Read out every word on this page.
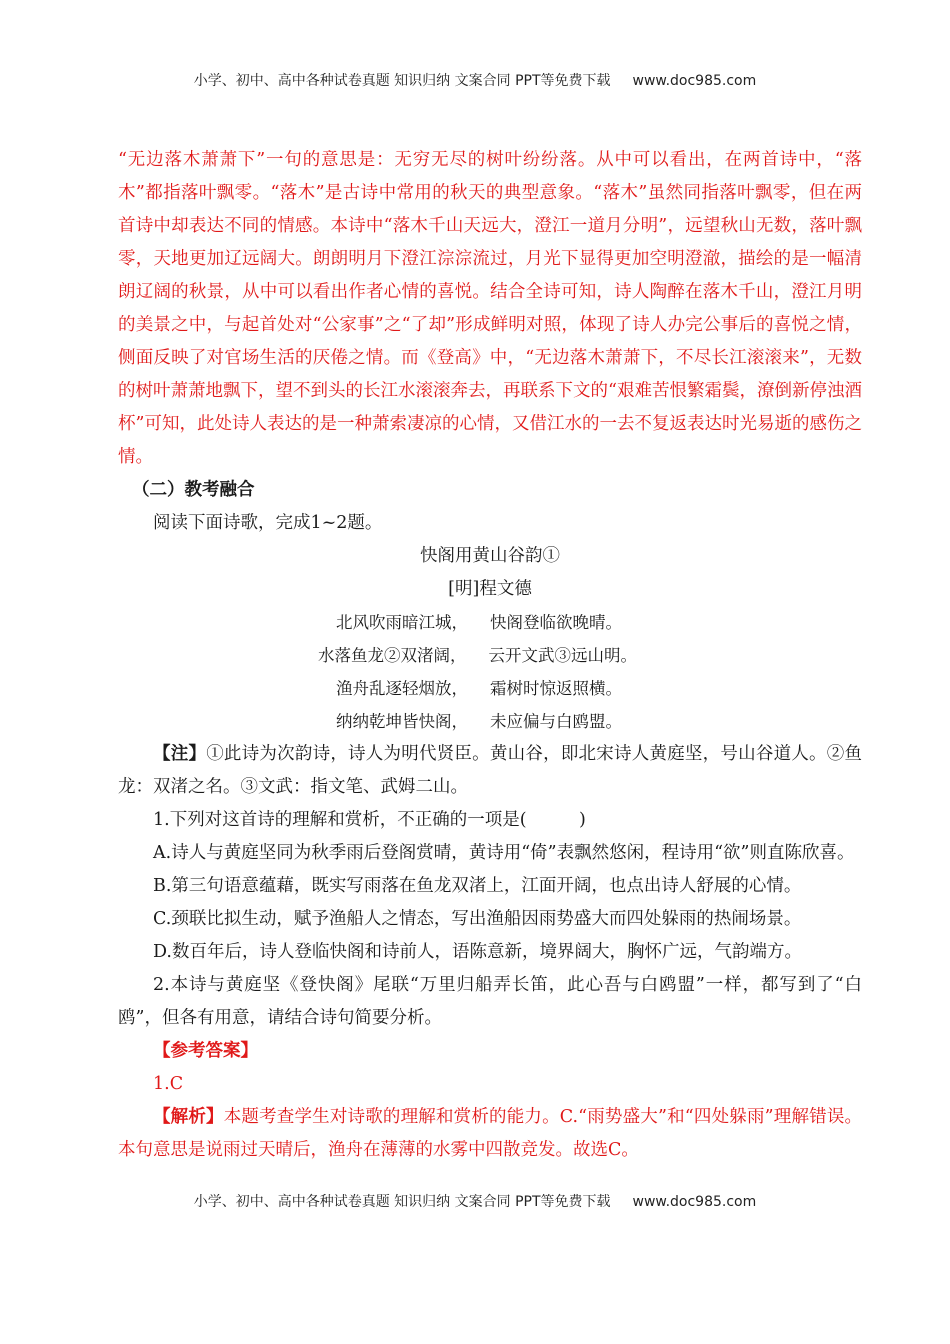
小学、初中、高中各种试卷真题 知识归纳 文案合同 PPT等免费下载 www.doc985.com

“无边落木萧萧下”一句的意思是：无穷无尽的树叶纷纷落。从中可以看出，在两首诗中，“落木”都指落叶飘零。“落木”是古诗中常用的秋天的典型意象。“落木”虽然同指落叶飘零，但在两首诗中却表达不同的情感。本诗中“落木千山天远大，澄江一道月分明”，远望秋山无数，落叶飘零，天地更加辽远阔大。朗朗明月下澄江淙淙流过，月光下显得更加空明澄澈，描绘的是一幅清朗辽阔的秋景，从中可以看出作者心情的喜悦。结合全诗可知，诗人陶醉在落木千山，澄江月明的美景之中，与起首处对“公家事”之“了却”形成鲜明对照，体现了诗人办完公事后的喜悦之情，侧面反映了对官场生活的厌倦之情。而《登高》中，“无边落木萧萧下，不尽长江滚滚来”，无数的树叶萧萧地飘下，望不到头的长江水滚滚奔去，再联系下文的“艰难苦恨繁霜鬓，潦倒新停浊酒杯”可知，此处诗人表达的是一种萧索凄凉的心情，又借江水的一去不复返表达时光易逝的感伤之情。

（二）教考融合

阅读下面诗歌，完成1~2题。

快阁用黄山谷韵①

[明]程文德

北风吹雨暗江城， 快阁登临欲晚晴。

水落鱼龙②双渚阔， 云开文武③远山明。

渔舟乱逐轻烟放， 霜树时惊返照横。

纳纳乾坤皆快阁， 未应偏与白鸥盟。

【注】①此诗为次韵诗，诗人为明代贤臣。黄山谷，即北宋诗人黄庭坚，号山谷道人。②鱼龙：双渚之名。③文武：指文笔、武姆二山。

1.下列对这首诗的理解和赏析，不正确的一项是(　　　)

A.诗人与黄庭坚同为秋季雨后登阁赏晴，黄诗用“倚”表飘然悠闲，程诗用“欲”则直陈欣喜。

B.第三句语意蕴藉，既实写雨落在鱼龙双渚上，江面开阔，也点出诗人舒展的心情。

C.颈联比拟生动，赋予渔船人之情态，写出渔船因雨势盛大而四处躲雨的热闹场景。

D.数百年后，诗人登临快阁和诗前人，语陈意新，境界阔大，胸怀广远，气韵端方。

2.本诗与黄庭坚《登快阁》尾联“万里归船弄长笛，此心吾与白鸥盟”一样，都写到了“白鸥”，但各有用意，请结合诗句简要分析。

【参考答案】

1.C

【解析】本题考查学生对诗歌的理解和赏析的能力。C.“雨势盛大”和“四处躲雨”理解错误。本句意思是说雨过天晴后，渔舟在薄薄的水雾中四散竞发。故选C。

小学、初中、高中各种试卷真题 知识归纳 文案合同 PPT等免费下载 www.doc985.com
